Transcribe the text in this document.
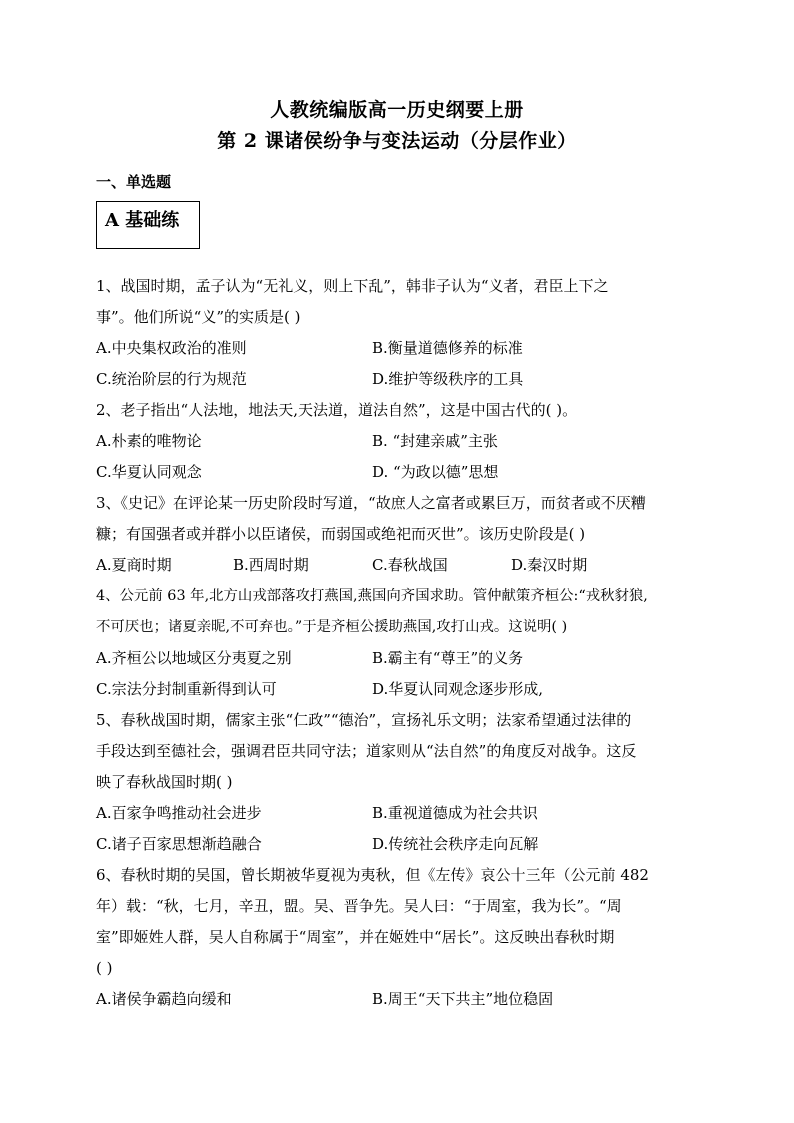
人教统编版高一历史纲要上册
第 2 课诸侯纷争与变法运动（分层作业）
一、单选题
A 基础练
1、战国时期，孟子认为“无礼义，则上下乱”，韩非子认为“义者，君臣上下之
事”。他们所说“义”的实质是( )
A.中央集权政治的准则	B.衡量道德修养的标准
C.统治阶层的行为规范	D.维护等级秩序的工具
2、老子指出“人法地，地法天,天法道，道法自然”，这是中国古代的( )。
A.朴素的唯物论	B. “封建亲戚”主张
C.华夏认同观念	D. “为政以德”思想
3、《史记》在评论某一历史阶段时写道，“故庶人之富者或累巨万，而贫者或不厌糟
糠；有国强者或并群小以臣诸侯，而弱国或绝祀而灭世”。该历史阶段是( )
A.夏商时期	B.西周时期	C.春秋战国	D.秦汉时期
4、公元前 63 年,北方山戎部落攻打燕国,燕国向齐国求助。管仲献策齐桓公:“戎秋豺狼,
不可厌也；诸夏亲昵,不可弃也。”于是齐桓公援助燕国,攻打山戎。这说明( )
A.齐桓公以地域区分夷夏之别	B.霸主有“尊王”的义务
C.宗法分封制重新得到认可	D.华夏认同观念逐步形成,
5、春秋战国时期，儒家主张“仁政”“德治”，宣扬礼乐文明；法家希望通过法律的
手段达到至德社会，强调君臣共同守法；道家则从“法自然”的角度反对战争。这反
映了春秋战国时期( )
A.百家争鸣推动社会进步	B.重视道德成为社会共识
C.诸子百家思想渐趋融合	D.传统社会秩序走向瓦解
6、春秋时期的吴国，曾长期被华夏视为夷秋，但《左传》哀公十三年（公元前 482
年）载：“秋，七月，辛丑，盟。吴、晋争先。吴人曰：“于周室，我为长”。“周
室”即姬姓人群，吴人自称属于“周室”，并在姬姓中“居长”。这反映出春秋时期
( )
A.诸侯争霸趋向缓和	B.周王“天下共主”地位稳固
